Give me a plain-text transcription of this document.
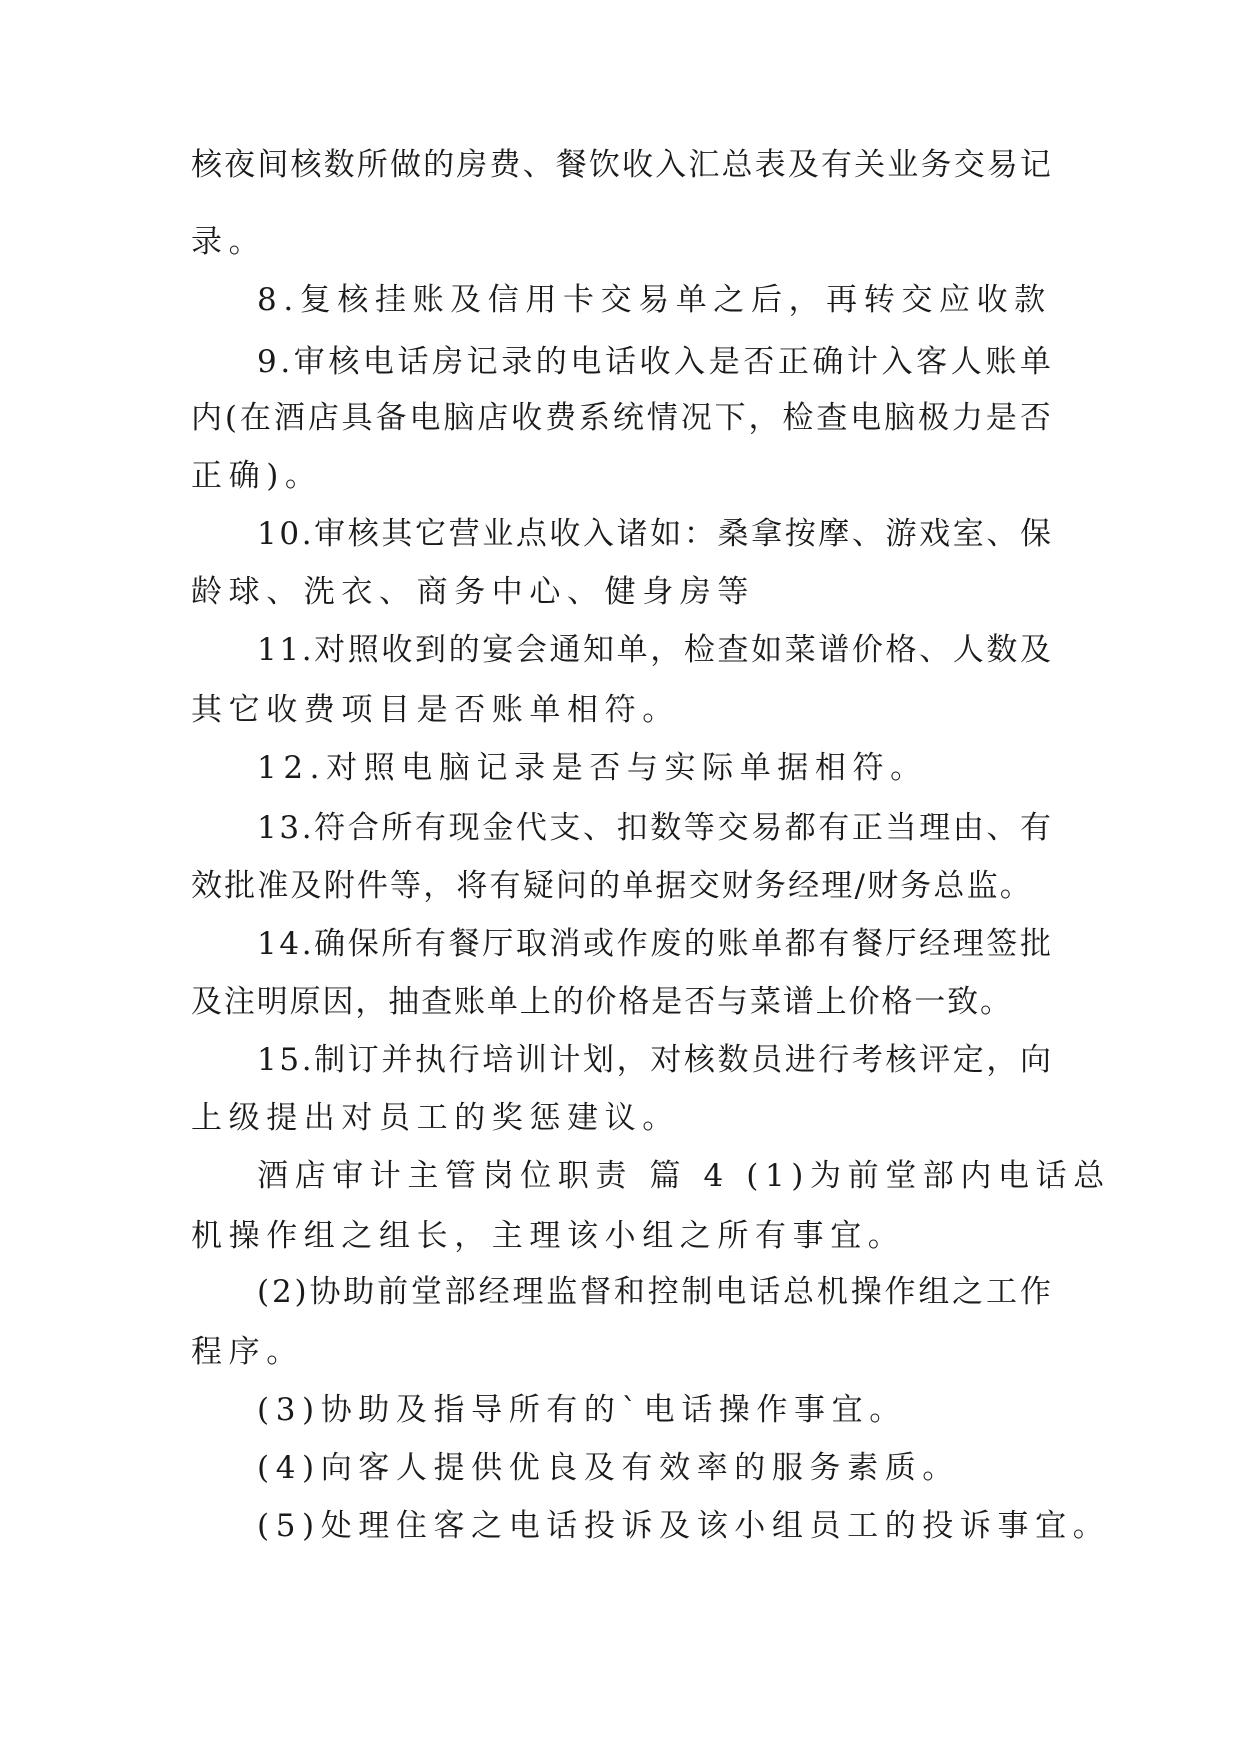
核 夜 间 核 数 所 做 的 房 费 、 餐 饮 收 入 汇 总 表 及 有 关 业 务 交 易 记
录。
8.复核挂账及信用卡交易单之后，再转交应收款
9 . 审 核 电 话 房 记 录 的 电 话 收 入 是 否 正 确 计 入 客 人 账 单
内 ( 在 酒 店 具 备 电 脑 店 收 费 系 统 情 况 下 ， 检 查 电 脑 极 力 是 否
正确)。
1 0 . 审 核 其 它 营 业 点 收 入 诸 如 ： 桑 拿 按 摩 、 游 戏 室 、 保
龄球、洗衣、商务中心、健身房等
1 1 . 对 照 收 到 的 宴 会 通 知 单 ， 检 查 如 菜 谱 价 格 、 人 数 及
其它收费项目是否账单相符。
12.对照电脑记录是否与实际单据相符。
1 3 . 符 合 所 有 现 金 代 支 、 扣 数 等 交 易 都 有 正 当 理 由 、 有
效 批 准 及 附 件 等 ， 将 有 疑 问 的 单 据 交 财 务 经 理 / 财 务 总 监 。
1 4 . 确 保 所 有 餐 厅 取 消 或 作 废 的 账 单 都 有 餐 厅 经 理 签 批
及 注 明 原 因 ， 抽 查 账 单 上 的 价 格 是 否 与 菜 谱 上 价 格 一 致 。
1 5 . 制 订 并 执 行 培 训 计 划 ， 对 核 数 员 进 行 考 核 评 定 ， 向
上级提出对员工的奖惩建议。
酒店审计主管岗位职责 篇 4 (1)为前堂部内电话总
机操作组之组长，主理该小组之所有事宜。
( 2 ) 协 助 前 堂 部 经 理 监 督 和 控 制 电 话 总 机 操 作 组 之 工 作
程序。
(3)协助及指导所有的`电话操作事宜。
(4)向客人提供优良及有效率的服务素质。
(5)处理住客之电话投诉及该小组员工的投诉事宜。
